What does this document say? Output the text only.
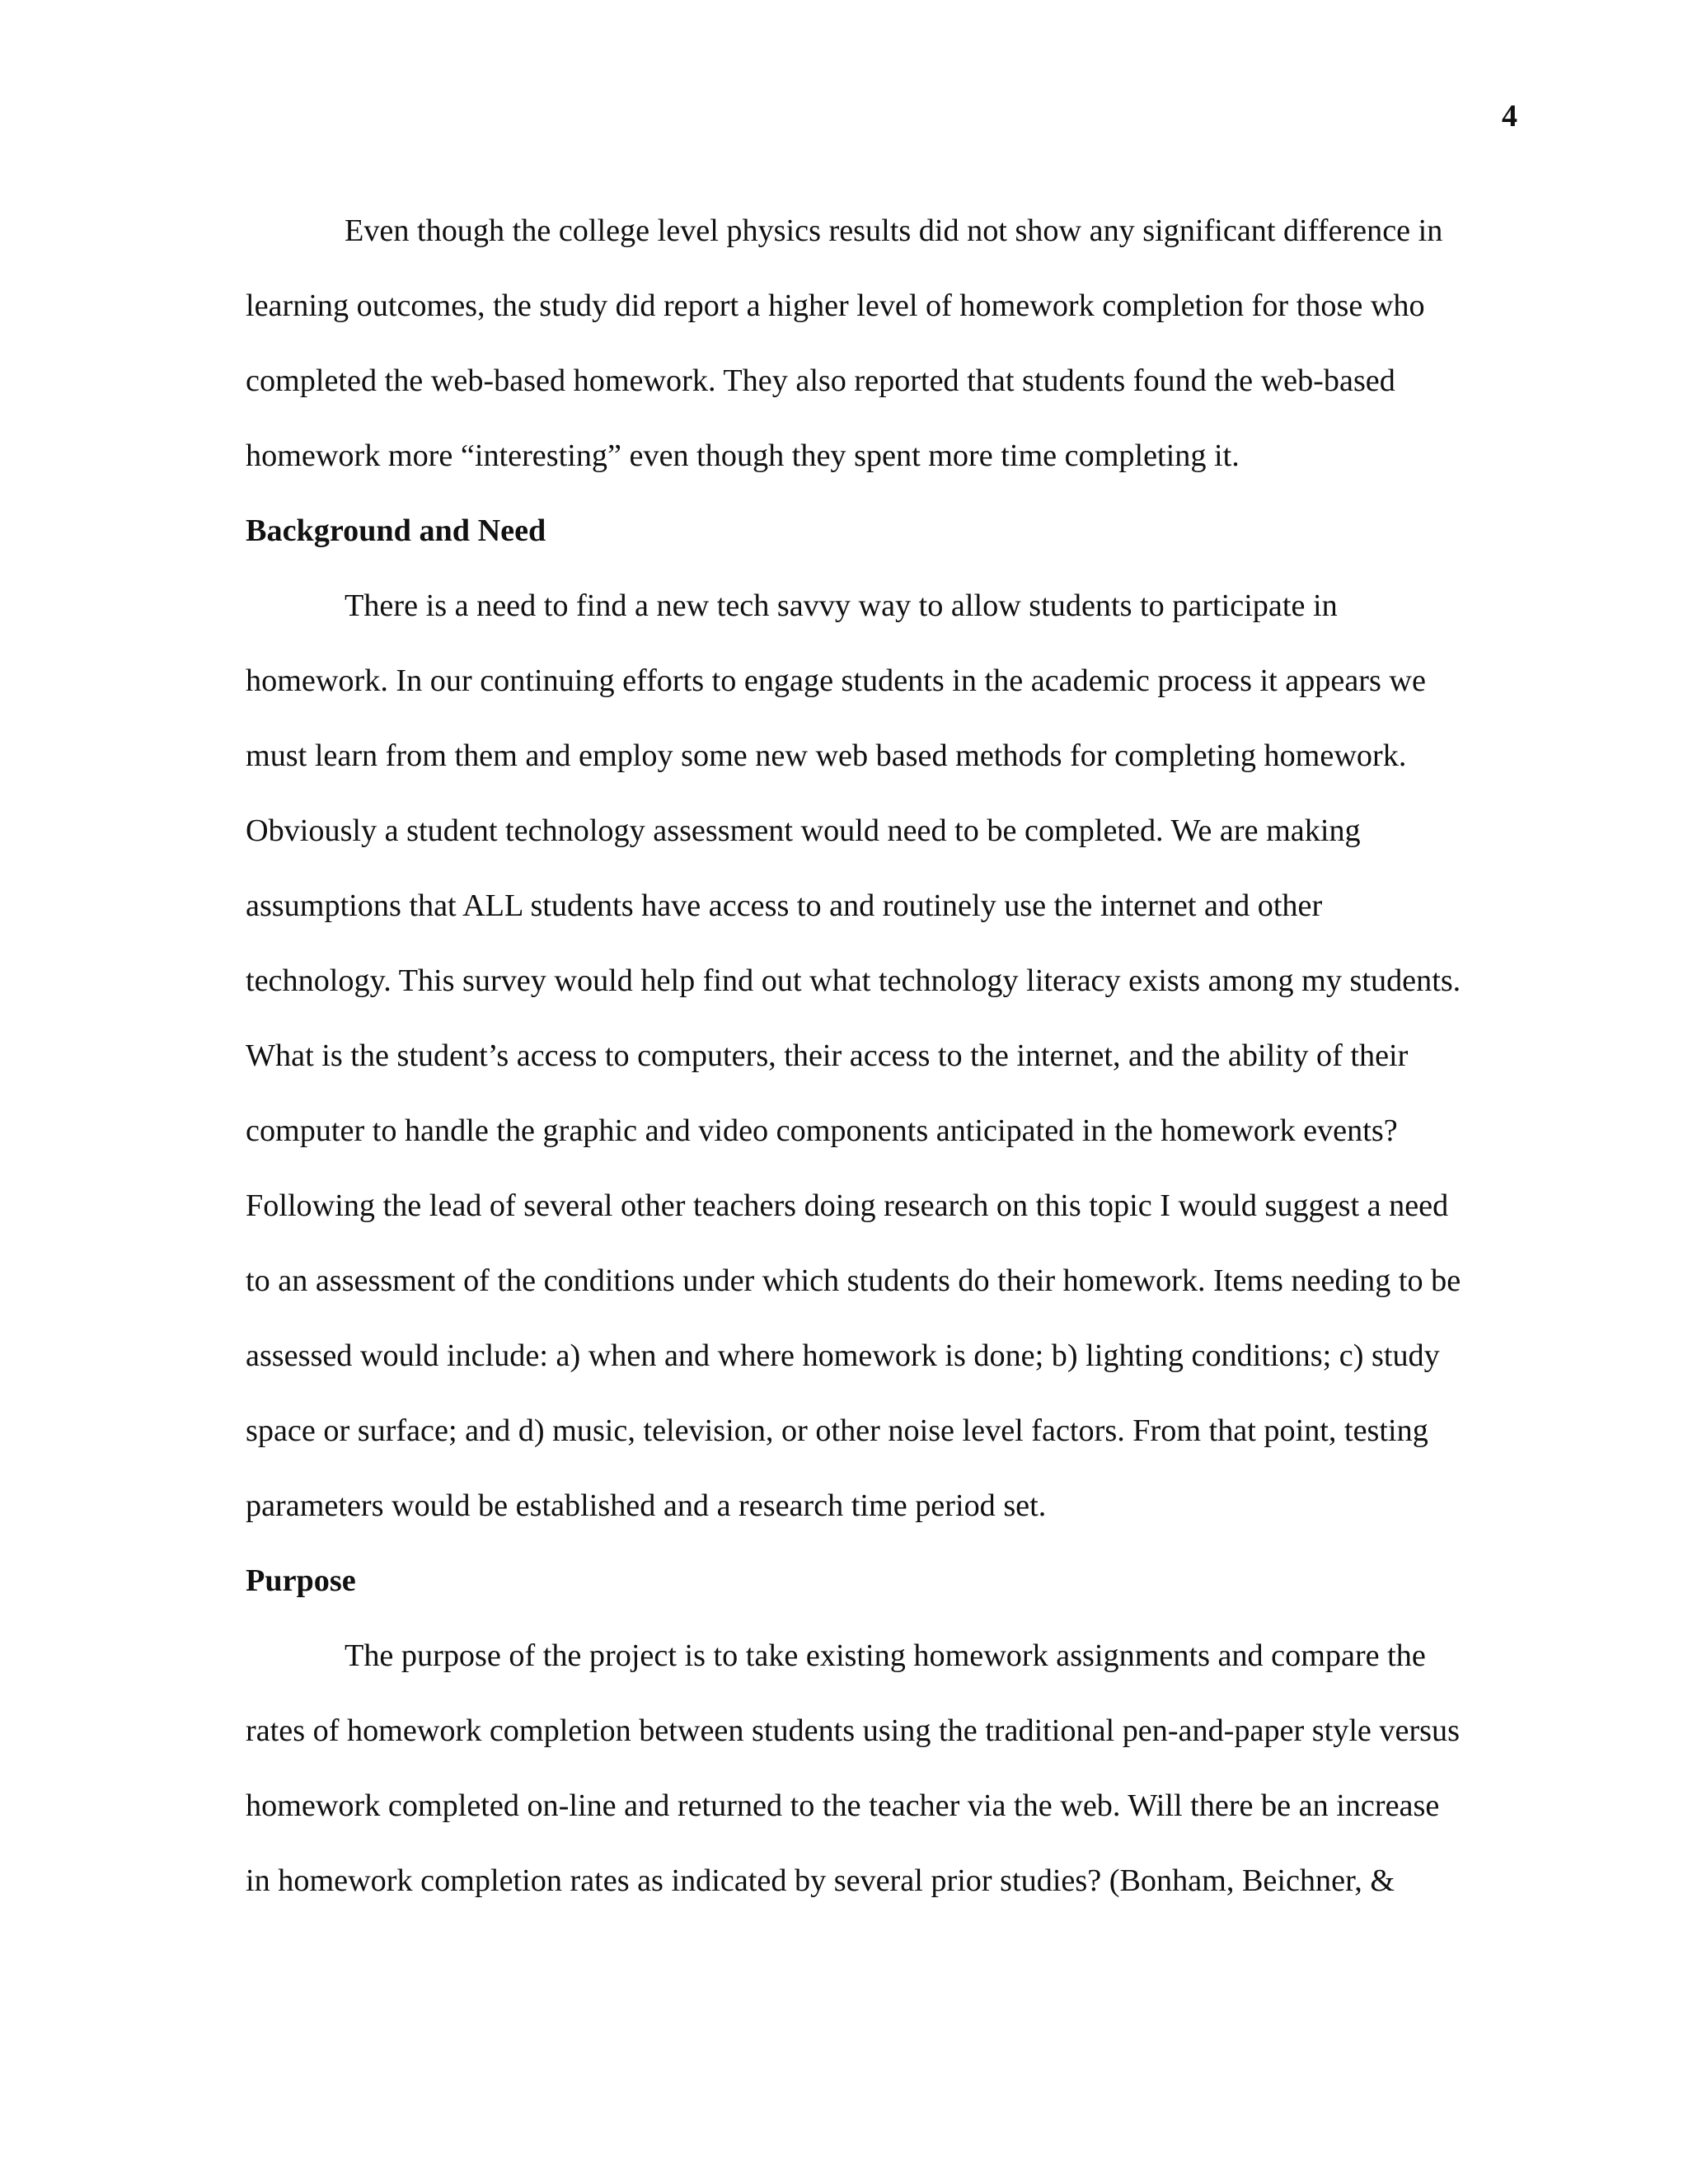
4
Even though the college level physics results did not show any significant difference in
learning outcomes, the study did report a higher level of homework completion for those who
completed the web-based homework. They also reported that students found the web-based
homework more “interesting” even though they spent more time completing it.
Background and Need
There is a need to find a new tech savvy way to allow students to participate in
homework. In our continuing efforts to engage students in the academic process it appears we
must learn from them and employ some new web based methods for completing homework.
Obviously a student technology assessment would need to be completed. We are making
assumptions that ALL students have access to and routinely use the internet and other
technology. This survey would help find out what technology literacy exists among my students.
What is the student’s access to computers, their access to the internet, and the ability of their
computer to handle the graphic and video components anticipated in the homework events?
Following the lead of several other teachers doing research on this topic I would suggest a need
to an assessment of the conditions under which students do their homework. Items needing to be
assessed would include: a) when and where homework is done; b) lighting conditions; c) study
space or surface; and d) music, television, or other noise level factors. From that point, testing
parameters would be established and a research time period set.
Purpose
The purpose of the project is to take existing homework assignments and compare the
rates of homework completion between students using the traditional pen-and-paper style versus
homework completed on-line and returned to the teacher via the web. Will there be an increase
in homework completion rates as indicated by several prior studies? (Bonham, Beichner, &
